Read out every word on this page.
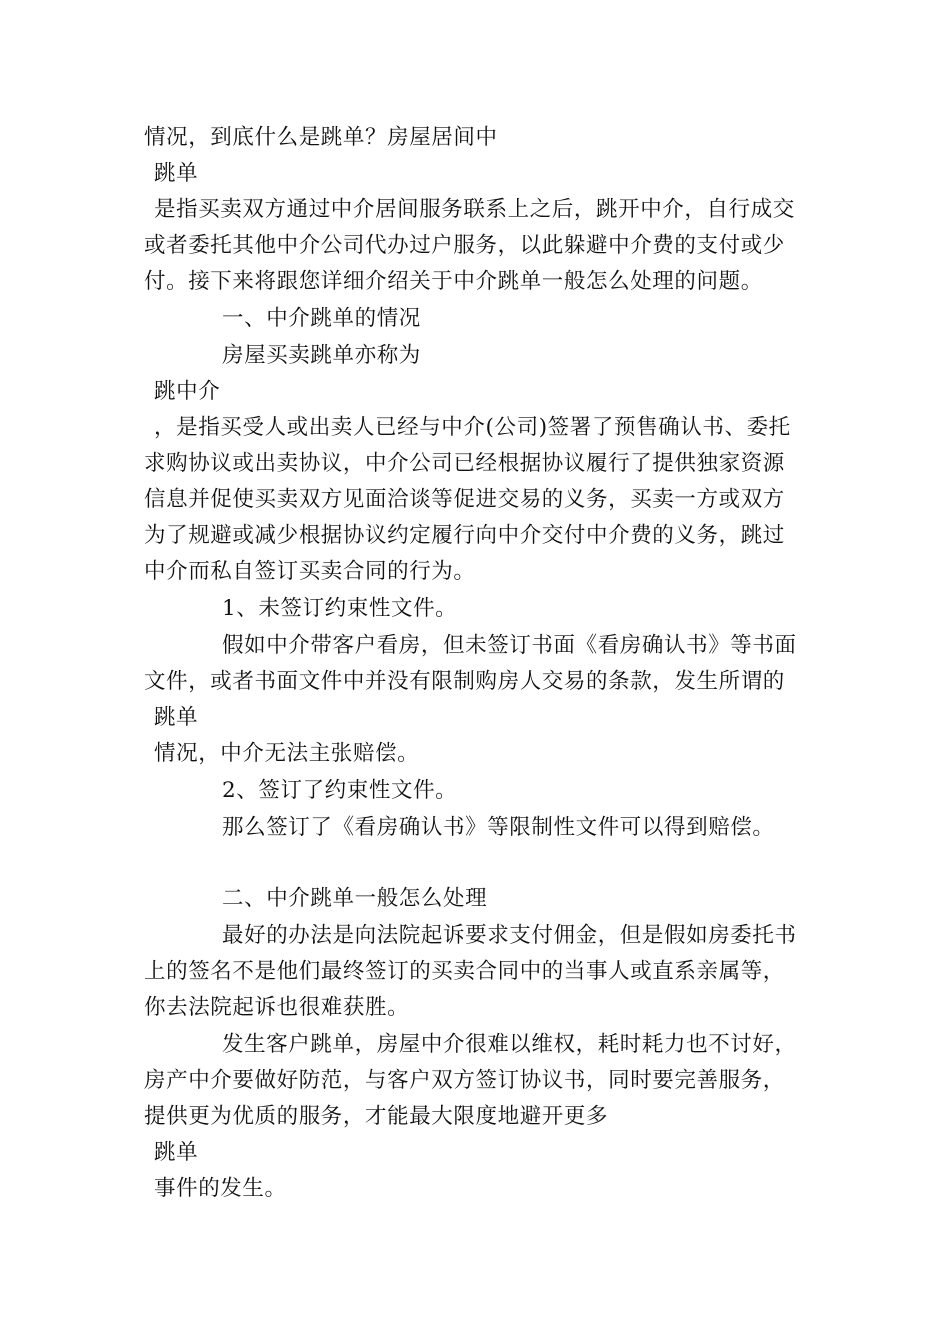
情况，到底什么是跳单？房屋居间中
跳单
是指买卖双方通过中介居间服务联系上之后，跳开中介，自行成交
或者委托其他中介公司代办过户服务，以此躲避中介费的支付或少
付。接下来将跟您详细介绍关于中介跳单一般怎么处理的问题。
一、中介跳单的情况
房屋买卖跳单亦称为
跳中介
，是指买受人或出卖人已经与中介(公司)签署了预售确认书、委托
求购协议或出卖协议，中介公司已经根据协议履行了提供独家资源
信息并促使买卖双方见面洽谈等促进交易的义务，买卖一方或双方
为了规避或减少根据协议约定履行向中介交付中介费的义务，跳过
中介而私自签订买卖合同的行为。
1、未签订约束性文件。
假如中介带客户看房，但未签订书面《看房确认书》等书面
文件，或者书面文件中并没有限制购房人交易的条款，发生所谓的
跳单
情况，中介无法主张赔偿。
2、签订了约束性文件。
那么签订了《看房确认书》等限制性文件可以得到赔偿。
二、中介跳单一般怎么处理
最好的办法是向法院起诉要求支付佣金，但是假如房委托书
上的签名不是他们最终签订的买卖合同中的当事人或直系亲属等，
你去法院起诉也很难获胜。
发生客户跳单，房屋中介很难以维权，耗时耗力也不讨好，
房产中介要做好防范，与客户双方签订协议书，同时要完善服务，
提供更为优质的服务，才能最大限度地避开更多
跳单
事件的发生。
